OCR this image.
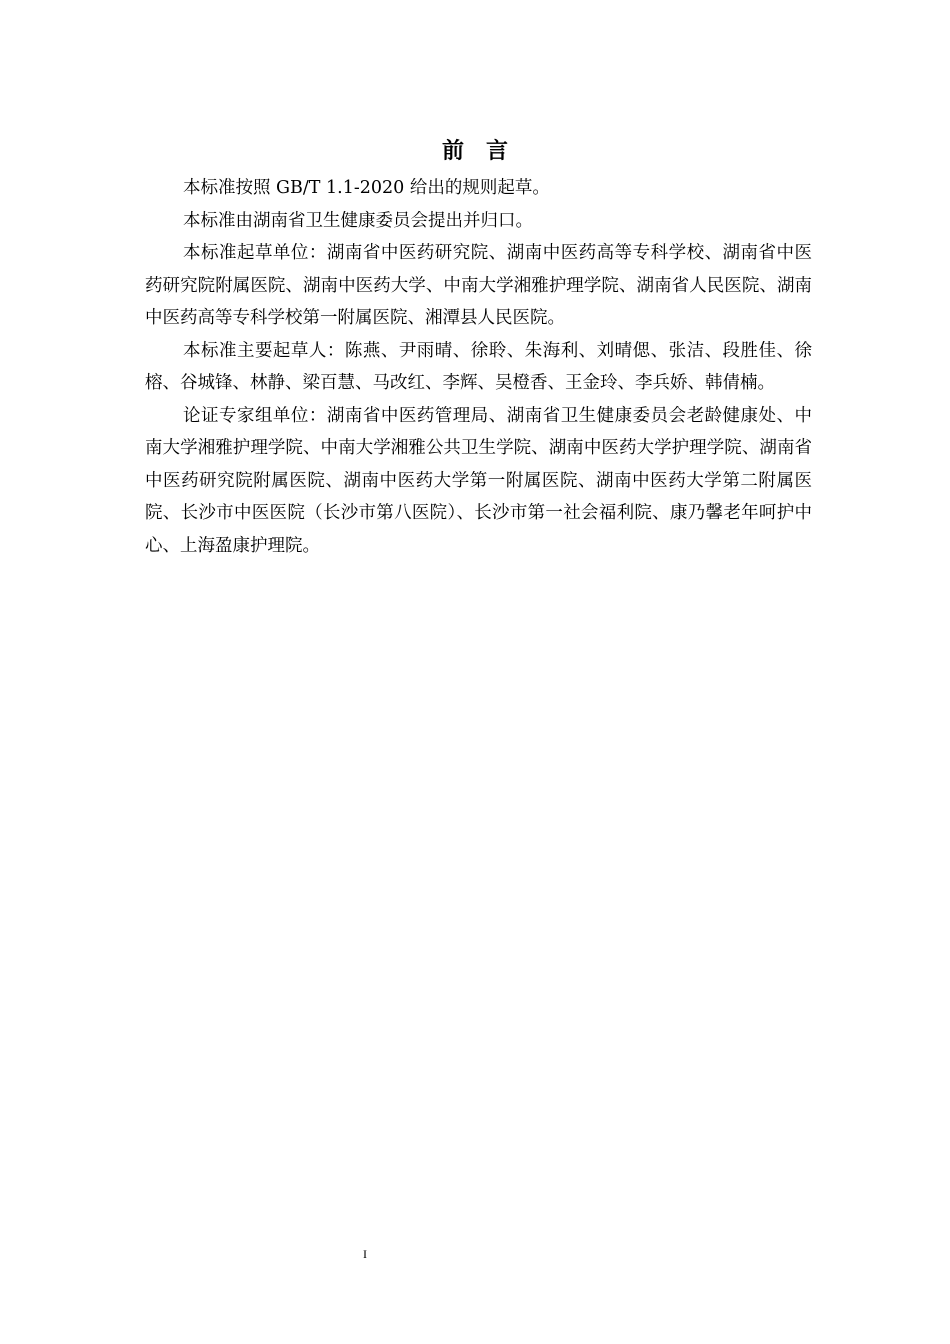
前言

本标准按照 GB/T 1.1-2020 给出的规则起草。

本标准由湖南省卫生健康委员会提出并归口。

本标准起草单位：湖南省中医药研究院、湖南中医药高等专科学校、湖南省中医药研究院附属医院、湖南中医药大学、中南大学湘雅护理学院、湖南省人民医院、湖南中医药高等专科学校第一附属医院、湘潭县人民医院。

本标准主要起草人：陈燕、尹雨晴、徐聆、朱海利、刘晴偲、张洁、段胜佳、徐榕、谷城锋、林静、梁百慧、马改红、李辉、吴橙香、王金玲、李兵娇、韩倩楠。

论证专家组单位：湖南省中医药管理局、湖南省卫生健康委员会老龄健康处、中南大学湘雅护理学院、中南大学湘雅公共卫生学院、湖南中医药大学护理学院、湖南省中医药研究院附属医院、湖南中医药大学第一附属医院、湖南中医药大学第二附属医院、长沙市中医医院（长沙市第八医院）、长沙市第一社会福利院、康乃馨老年呵护中心、上海盈康护理院。

I
